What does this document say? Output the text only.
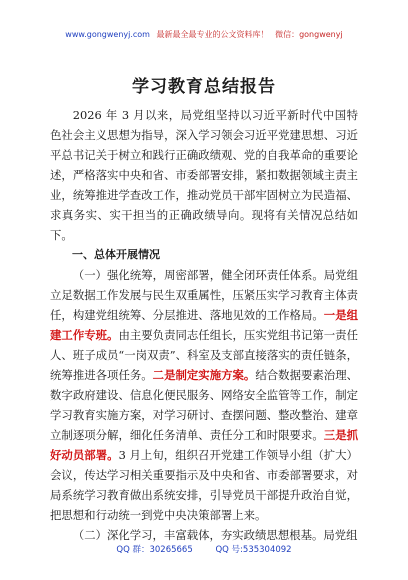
www.gongwenyj.com 最新最全最专业的公文资料库！ 微信：gongwenyj
学习教育总结报告

2026 年 3 月以来，局党组坚持以习近平新时代中国特色社会主义思想为指导，深入学习领会习近平党建思想、习近平总书记关于树立和践行正确政绩观、党的自我革命的重要论述，严格落实中央和省、市委部署安排，紧扣数据领域主责主业，统筹推进学查改工作，推动党员干部牢固树立为民造福、求真务实、实干担当的正确政绩导向。现将有关情况总结如下。

一、总体开展情况

（一）强化统筹，周密部署，健全闭环责任体系。局党组立足数据工作发展与民生双重属性，压紧压实学习教育主体责任，构建党组统筹、分层推进、落地见效的工作格局。一是组建工作专班。由主要负责同志任组长，压实党组书记第一责任人、班子成员“一岗双责”、科室及支部直接落实的责任链条，统筹推进各项任务。二是制定实施方案。结合数据要素治理、数字政府建设、信息化便民服务、网络安全监管等工作，制定学习教育实施方案，对学习研讨、查摆问题、整改整治、建章立制逐项分解，细化任务清单、责任分工和时限要求。三是抓好动员部署。3 月上旬，组织召开党建工作领导小组（扩大）会议，传达学习相关重要指示及中央和省、市委部署要求，对局系统学习教育做出系统安排，引导党员干部提升政治自觉，把思想和行动统一到党中央决策部署上来。

（二）深化学习，丰富载体，夯实政绩思想根基。局党组

QQ 群：30265665	QQ 号:535304092
